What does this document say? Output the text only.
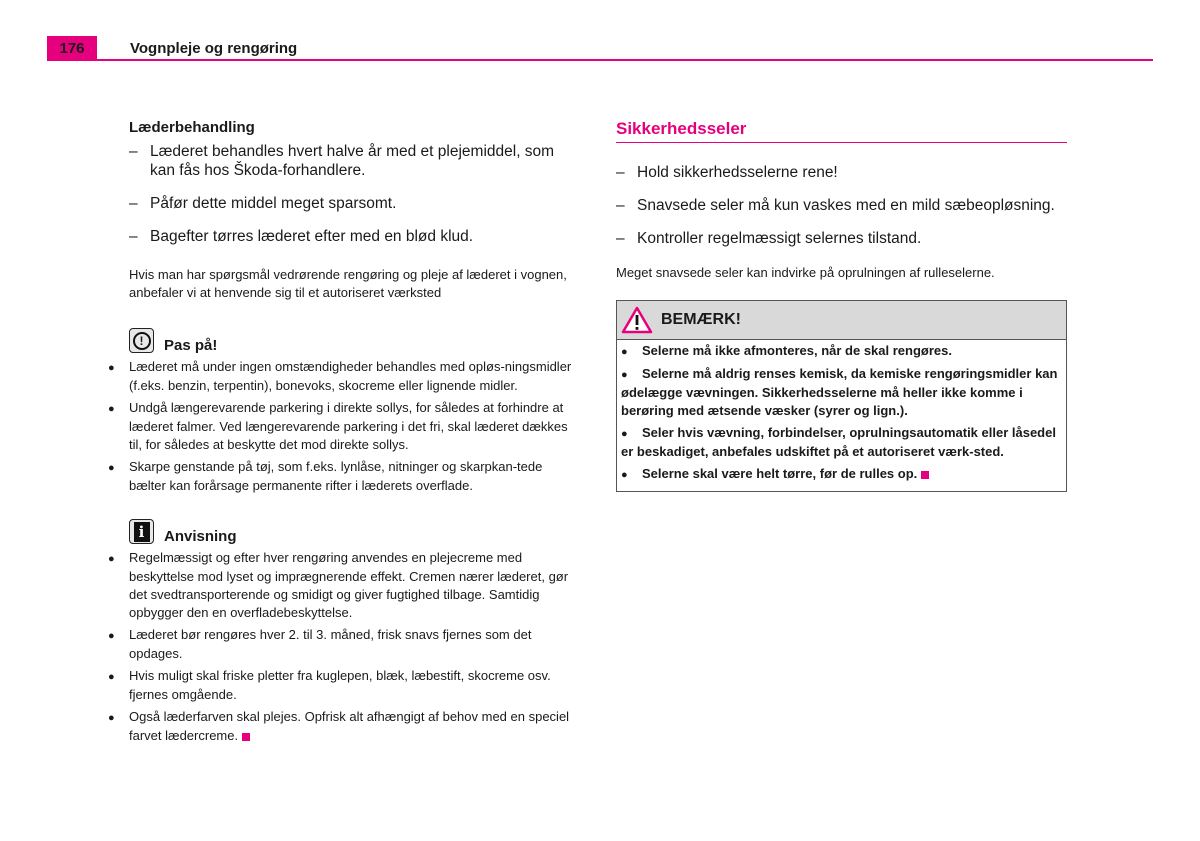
176	Vognpleje og rengøring
Læderbehandling
– Læderet behandles hvert halve år med et plejemiddel, som kan fås hos Škoda-forhandlere.
– Påfør dette middel meget sparsomt.
– Bagefter tørres læderet efter med en blød klud.
Hvis man har spørgsmål vedrørende rengøring og pleje af læderet i vognen, anbefaler vi at henvende sig til et autoriseret værksted
!	Pas på!
● Læderet må under ingen omstændigheder behandles med opløs-ningsmidler (f.eks. benzin, terpentin), bonevoks, skocreme eller lignende midler.
● Undgå længerevarende parkering i direkte sollys, for således at forhindre at læderet falmer. Ved længerevarende parkering i det fri, skal læderet dækkes til, for således at beskytte det mod direkte sollys.
● Skarpe genstande på tøj, som f.eks. lynlåse, nitninger og skarpkan-tede bælter kan forårsage permanente rifter i læderets overflade.
i	Anvisning
● Regelmæssigt og efter hver rengøring anvendes en plejecreme med beskyttelse mod lyset og imprægnerende effekt. Cremen nærer læderet, gør det svedtransporterende og smidigt og giver fugtighed tilbage. Samtidig opbygger den en overfladebeskyttelse.
● Læderet bør rengøres hver 2. til 3. måned, frisk snavs fjernes som det opdages.
● Hvis muligt skal friske pletter fra kuglepen, blæk, læbestift, skocreme osv. fjernes omgående.
● Også læderfarven skal plejes. Opfrisk alt afhængigt af behov med en speciel farvet lædercreme.
Sikkerhedsseler
– Hold sikkerhedsselerne rene!
– Snavsede seler må kun vaskes med en mild sæbeopløsning.
– Kontroller regelmæssigt selernes tilstand.
Meget snavsede seler kan indvirke på oprulningen af rulleselerne.
BEMÆRK!
● Selerne må ikke afmonteres, når de skal rengøres.
● Selerne må aldrig renses kemisk, da kemiske rengøringsmidler kan ødelægge vævningen. Sikkerhedsselerne må heller ikke komme i berøring med ætsende væsker (syrer og lign.).
● Seler hvis vævning, forbindelser, oprulningsautomatik eller låsedel er beskadiget, anbefales udskiftet på et autoriseret værk-sted.
● Selerne skal være helt tørre, før de rulles op.
